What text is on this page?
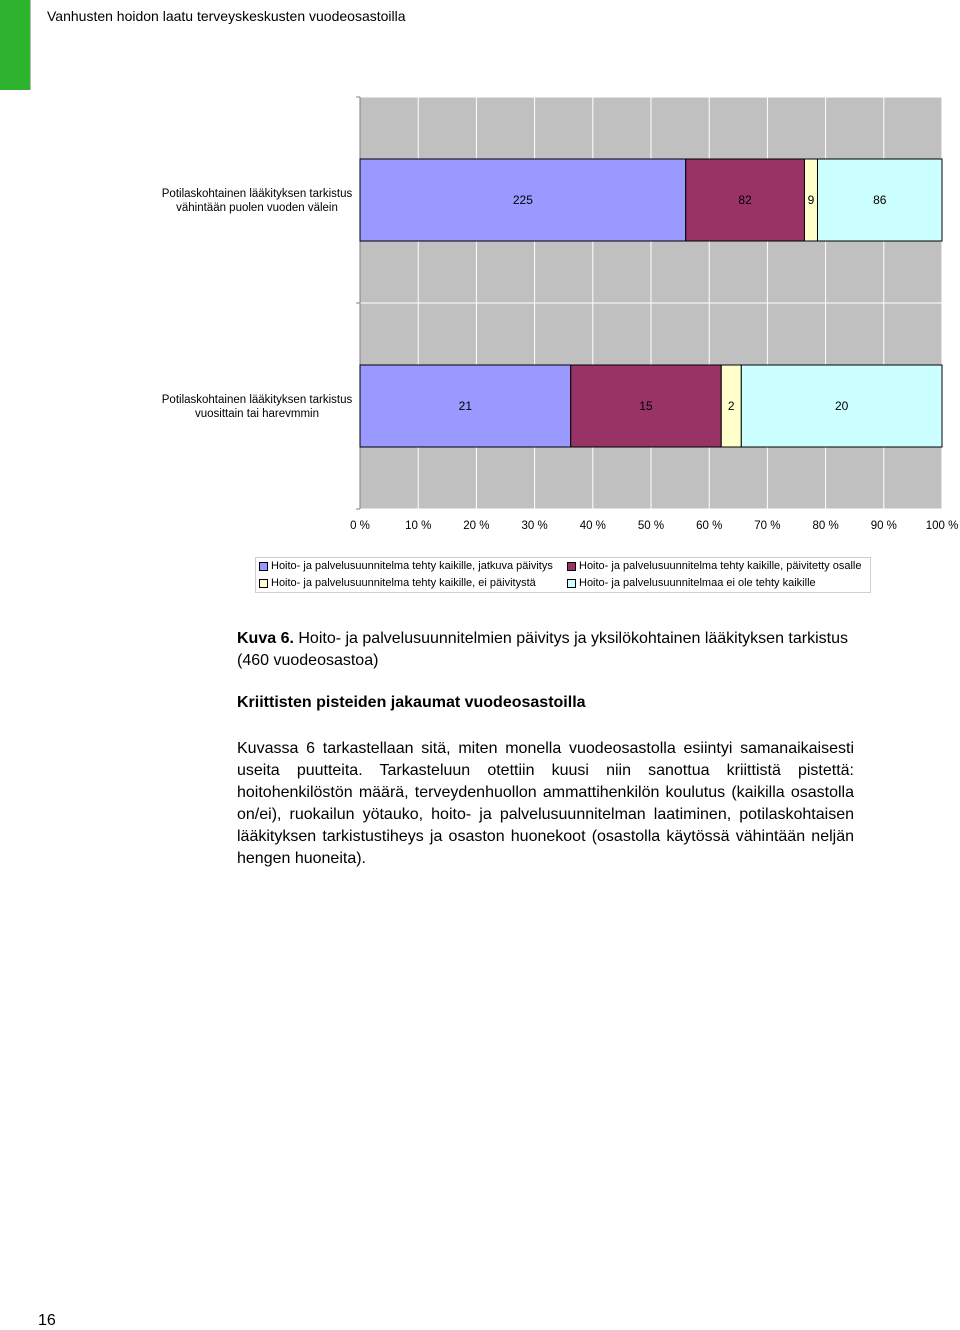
Vanhusten hoidon laatu terveyskeskusten vuodeosastoilla
225	82	9	86
Potilaskohtainen lääkityksen tarkistus
vähintään puolen vuoden välein
21	15	2	20
Potilaskohtainen lääkityksen tarkistus
vuosittain tai harevmmin
0 %	10 %	20 %	30 %	40 %	50 %	60 %	70 %	80 %	90 %	100 %
Hoito- ja palvelusuunnitelma tehty kaikille, jatkuva päivitys Hoito- ja palvelusuunnitelma tehty kaikille, päivitetty osalle
Hoito- ja palvelusuunnitelma tehty kaikille, ei päivitystä	Hoito- ja palvelusuunnitelmaa ei ole tehty kaikille
Kuva 6. Hoito- ja palvelusuunnitelmien päivitys ja yksilökohtainen lääkityksen tarkistus (460 vuodeosastoa)
Kriittisten pisteiden jakaumat vuodeosastoilla
Kuvassa 6 tarkastellaan sitä, miten monella vuodeosastolla esiintyi samanaikaisesti useita puutteita. Tarkasteluun otettiin kuusi niin sanottua kriittistä pistettä: hoitohenkilöstön määrä, terveydenhuollon ammattihenkilön koulutus (kaikilla osastolla on/ei), ruokailun yötauko, hoito- ja palvelusuunnitelman laatiminen, potilaskohtaisen lääkityksen tarkistustiheys ja osaston huonekoot (osastolla käytössä vähintään neljän hengen huoneita).
16
